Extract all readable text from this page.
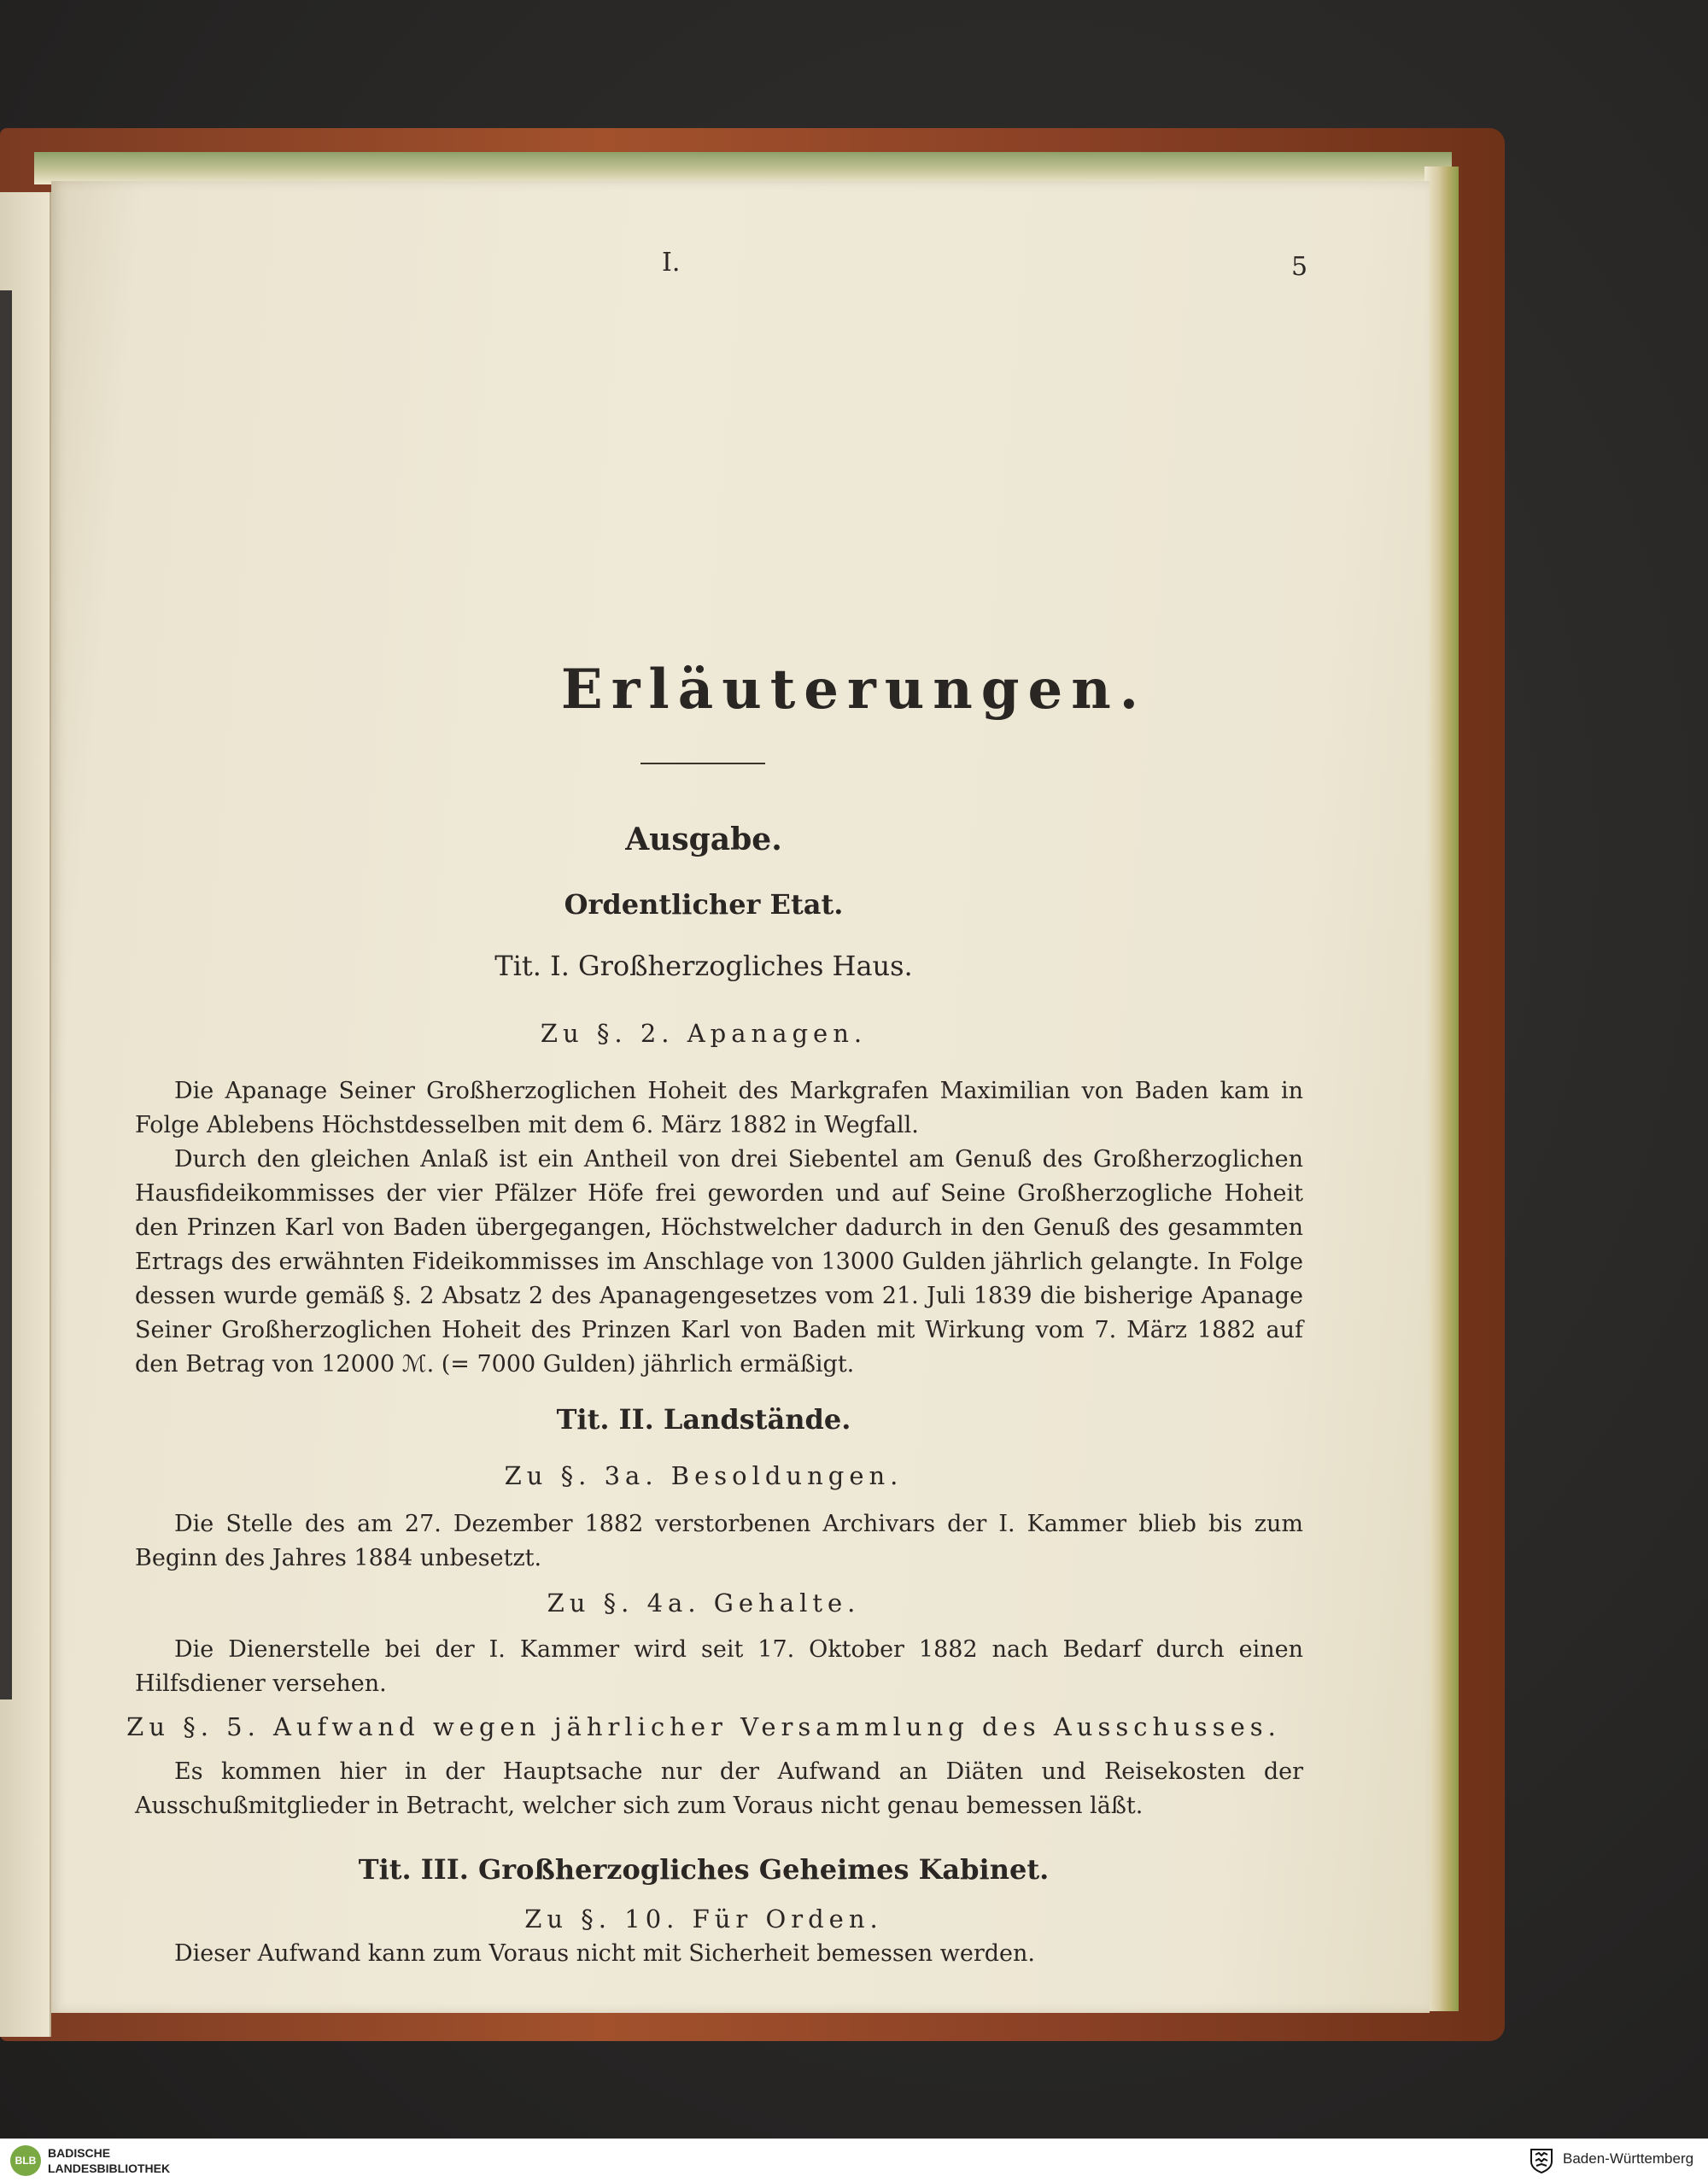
I.	5
Erläuterungen.
Ausgabe.
Ordentlicher Etat.
Tit. I. Großherzogliches Haus.
Zu §. 2. Apanagen.

Die Apanage Seiner Großherzoglichen Hoheit des Markgrafen Maximilian von Baden kam in Folge Ablebens Höchstdesselben mit dem 6. März 1882 in Wegfall.

Durch den gleichen Anlaß ist ein Antheil von drei Siebentel am Genuß des Großherzoglichen Hausfideikommisses der vier Pfälzer Höfe frei geworden und auf Seine Großherzogliche Hoheit den Prinzen Karl von Baden übergegangen, Höchstwelcher dadurch in den Genuß des gesammten Ertrags des erwähnten Fideikommisses im Anschlage von 13000 Gulden jährlich gelangte. In Folge dessen wurde gemäß §. 2 Absatz 2 des Apanagengesetzes vom 21. Juli 1839 die bisherige Apanage Seiner Großherzoglichen Hoheit des Prinzen Karl von Baden mit Wirkung vom 7. März 1882 auf den Betrag von 12000 ℳ. (= 7000 Gulden) jährlich ermäßigt.

Tit. II. Landstände.
Zu §. 3a. Besoldungen.

Die Stelle des am 27. Dezember 1882 verstorbenen Archivars der I. Kammer blieb bis zum Beginn des Jahres 1884 unbesetzt.

Zu §. 4a. Gehalte.

Die Dienerstelle bei der I. Kammer wird seit 17. Oktober 1882 nach Bedarf durch einen Hilfsdiener versehen.

Zu §. 5. Aufwand wegen jährlicher Versammlung des Ausschusses.

Es kommen hier in der Hauptsache nur der Aufwand an Diäten und Reisekosten der Ausschußmitglieder in Betracht, welcher sich zum Voraus nicht genau bemessen läßt.

Tit. III. Großherzogliches Geheimes Kabinet.
Zu §. 10. Für Orden.

Dieser Aufwand kann zum Voraus nicht mit Sicherheit bemessen werden.

BLB
BADISCHE
LANDESBIBLIOTHEK
Baden-Württemberg
